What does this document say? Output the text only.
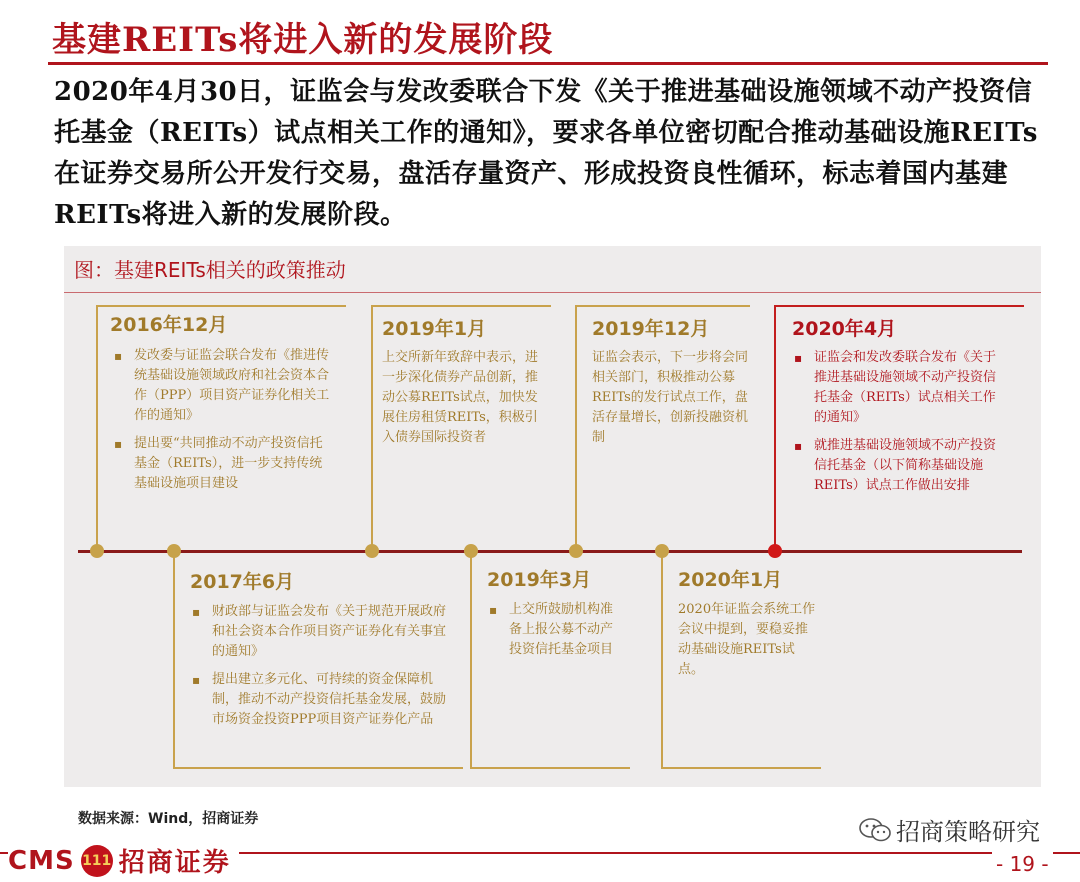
基建REITs将进入新的发展阶段
2020年4月30日，证监会与发改委联合下发《关于推进基础设施领域不动产投资信托基金（REITs）试点相关工作的通知》，要求各单位密切配合推动基础设施REITs在证券交易所公开发行交易，盘活存量资产、形成投资良性循环，标志着国内基建REITs将进入新的发展阶段。
图：基建REITs相关的政策推动
2016年12月
▪ 发改委与证监会联合发布《推进传统基础设施领域政府和社会资本合作（PPP）项目资产证券化相关工作的通知》
▪ 提出要“共同推动不动产投资信托基金（REITs），进一步支持传统基础设施项目建设
2017年6月
▪ 财政部与证监会发布《关于规范开展政府和社会资本合作项目资产证券化有关事宜的通知》
▪ 提出建立多元化、可持续的资金保障机制，推动不动产投资信托基金发展，鼓励市场资金投资PPP项目资产证券化产品
2019年1月
上交所新年致辞中表示，进一步深化债券产品创新，推动公募REITs试点，加快发展住房租赁REITs，积极引入债券国际投资者
2019年3月
▪ 上交所鼓励机构准备上报公募不动产投资信托基金项目
2019年12月
证监会表示，下一步将会同相关部门，积极推动公募REITs的发行试点工作，盘活存量增长，创新投融资机制
2020年1月
2020年证监会系统工作会议中提到，要稳妥推动基础设施REITs试点。
2020年4月
▪ 证监会和发改委联合发布《关于推进基础设施领域不动产投资信托基金（REITs）试点相关工作的通知》
▪ 就推进基础设施领域不动产投资信托基金（以下简称基础设施REITs）试点工作做出安排
数据来源：Wind，招商证券	招商策略研究
CMS 111 招商证券	- 19 -
